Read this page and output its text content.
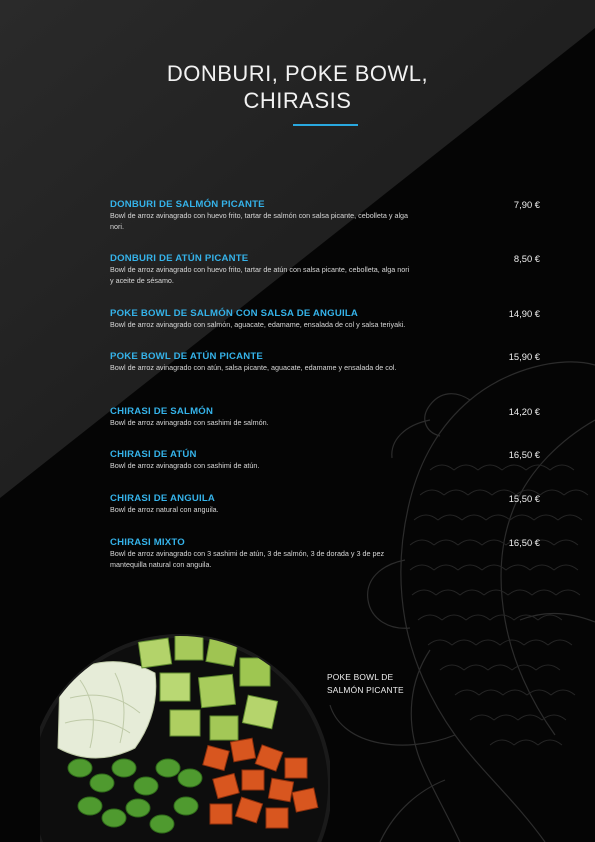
DONBURI, POKE BOWL,
CHIRASIS
DONBURI DE SALMÓN PICANTE
Bowl de arroz avinagrado con huevo frito, tartar de salmón con salsa picante, cebolleta y alga nori.
7,90 €
DONBURI DE ATÚN PICANTE
Bowl de arroz avinagrado con huevo frito, tartar de atún con salsa picante, cebolleta, alga nori y aceite de sésamo.
8,50 €
POKE BOWL DE SALMÓN CON SALSA DE ANGUILA
Bowl de arroz avinagrado con salmón, aguacate, edamame, ensalada de col y salsa teriyaki.
14,90 €
POKE BOWL DE ATÚN PICANTE
Bowl de arroz avinagrado con atún, salsa picante, aguacate, edamame y ensalada de col.
15,90 €
CHIRASI DE SALMÓN
Bowl de arroz avinagrado con sashimi de salmón.
14,20 €
CHIRASI DE ATÚN
Bowl de arroz avinagrado con sashimi de atún.
16,50 €
CHIRASI DE ANGUILA
Bowl de arroz natural con anguila.
15,50 €
CHIRASI MIXTO
Bowl de arroz avinagrado con 3 sashimi de atún, 3 de salmón, 3 de dorada y 3 de pez mantequilla natural con anguila.
16,50 €
POKE BOWL DE
SALMÓN PICANTE
